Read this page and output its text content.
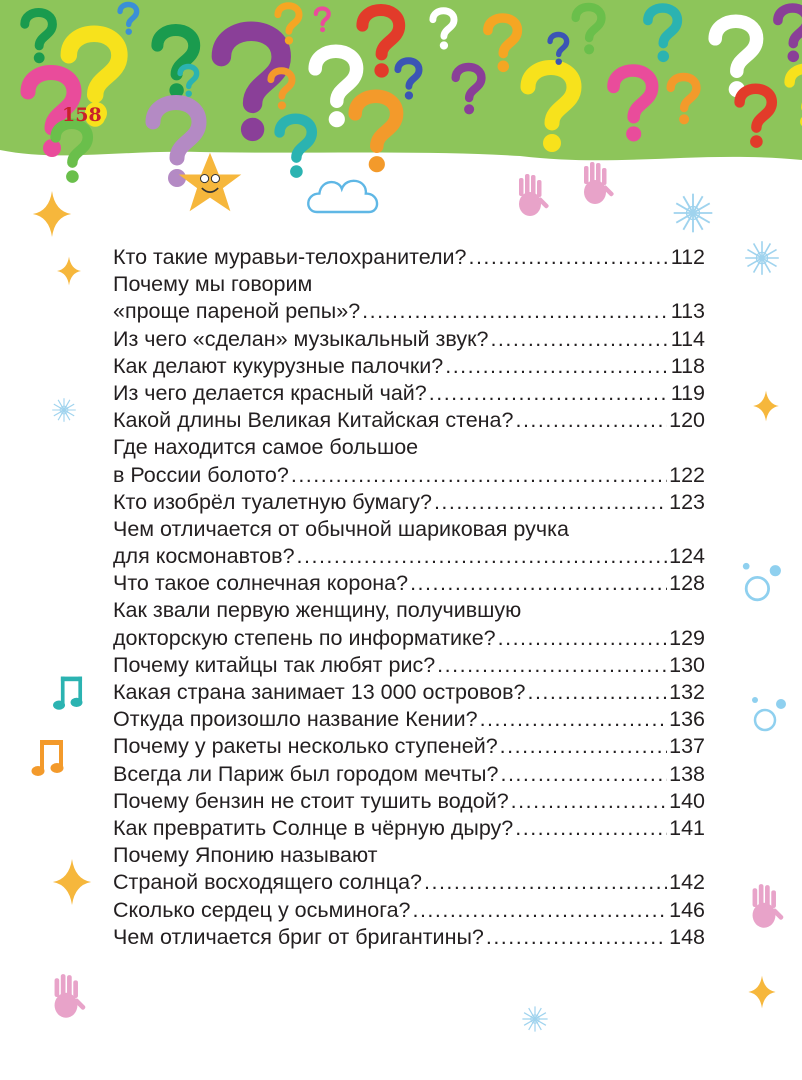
158
Кто такие муравьи-телохранители? .....	112
Почему мы говорим
«проще пареной репы»? .....	113
Из чего «сделан» музыкальный звук? .....	114
Как делают кукурузные палочки? .....	118
Из чего делается красный чай? .....	119
Какой длины Великая Китайская стена? .....	120
Где находится самое большое
в России болото? .....	122
Кто изобрёл туалетную бумагу? .....	123
Чем отличается от обычной шариковая ручка
для космонавтов? .....	124
Что такое солнечная корона? .....	128
Как звали первую женщину, получившую
докторскую степень по информатике? .....	129
Почему китайцы так любят рис? .....	130
Какая страна занимает 13 000 островов? .....	132
Откуда произошло название Кении? .....	136
Почему у ракеты несколько ступеней? .....	137
Всегда ли Париж был городом мечты? .....	138
Почему бензин не стоит тушить водой? .....	140
Как превратить Солнце в чёрную дыру? .....	141
Почему Японию называют
Страной восходящего солнца? .....	142
Сколько сердец у осьминога? .....	146
Чем отличается бриг от бригантины? .....	148
